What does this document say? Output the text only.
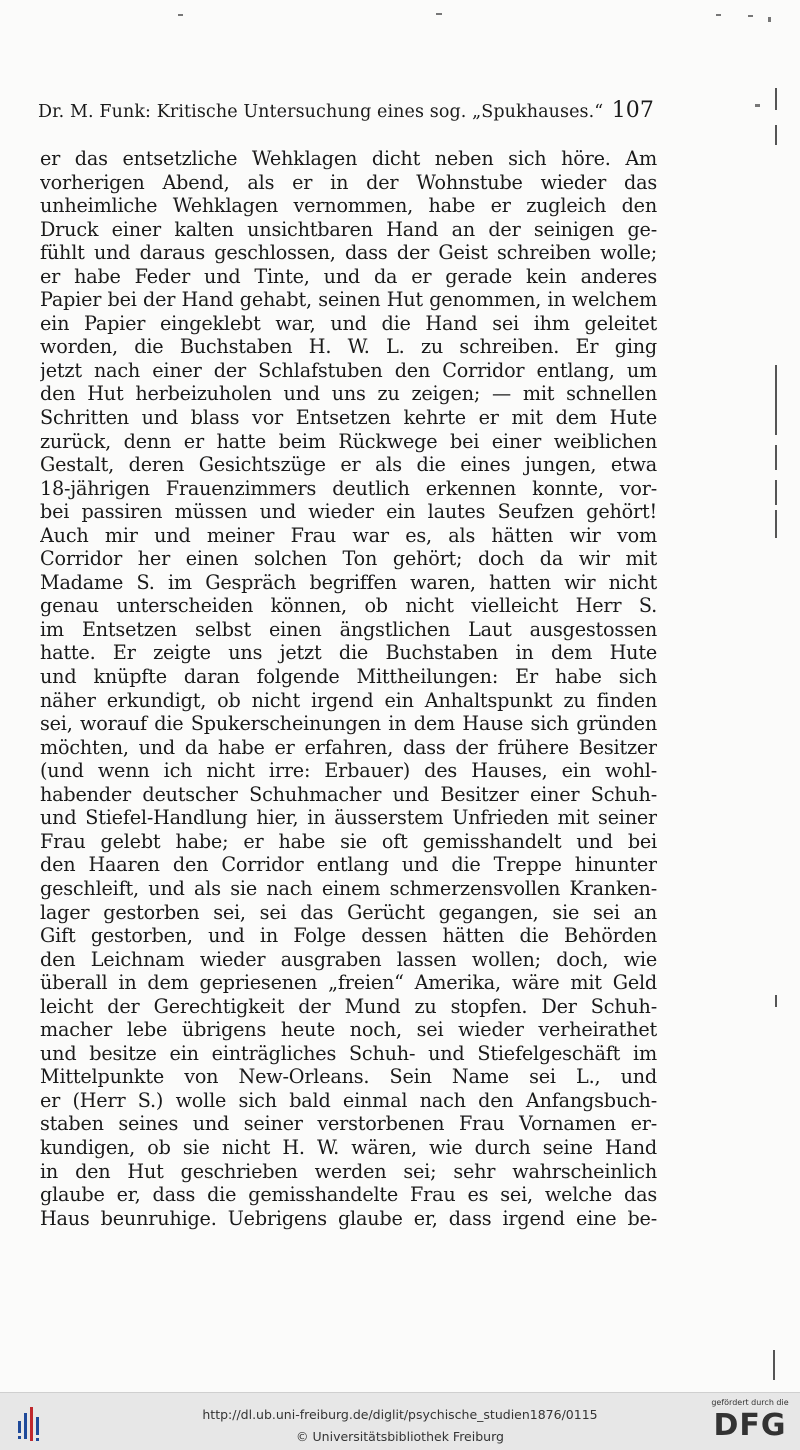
Dr. M. Funk: Kritische Untersuchung eines sog. „Spukhauses.“ 107
er das entsetzliche Wehklagen dicht neben sich höre. Am
vorherigen Abend, als er in der Wohnstube wieder das
unheimliche Wehklagen vernommen, habe er zugleich den
Druck einer kalten unsichtbaren Hand an der seinigen ge-
fühlt und daraus geschlossen, dass der Geist schreiben wolle;
er habe Feder und Tinte, und da er gerade kein anderes
Papier bei der Hand gehabt, seinen Hut genommen, in welchem
ein Papier eingeklebt war, und die Hand sei ihm geleitet
worden, die Buchstaben H. W. L. zu schreiben. Er ging
jetzt nach einer der Schlafstuben den Corridor entlang, um
den Hut herbeizuholen und uns zu zeigen; — mit schnellen
Schritten und blass vor Entsetzen kehrte er mit dem Hute
zurück, denn er hatte beim Rückwege bei einer weiblichen
Gestalt, deren Gesichtszüge er als die eines jungen, etwa
18-jährigen Frauenzimmers deutlich erkennen konnte, vor-
bei passiren müssen und wieder ein lautes Seufzen gehört!
Auch mir und meiner Frau war es, als hätten wir vom
Corridor her einen solchen Ton gehört; doch da wir mit
Madame S. im Gespräch begriffen waren, hatten wir nicht
genau unterscheiden können, ob nicht vielleicht Herr S.
im Entsetzen selbst einen ängstlichen Laut ausgestossen
hatte. Er zeigte uns jetzt die Buchstaben in dem Hute
und knüpfte daran folgende Mittheilungen: Er habe sich
näher erkundigt, ob nicht irgend ein Anhaltspunkt zu finden
sei, worauf die Spukerscheinungen in dem Hause sich gründen
möchten, und da habe er erfahren, dass der frühere Besitzer
(und wenn ich nicht irre: Erbauer) des Hauses, ein wohl-
habender deutscher Schuhmacher und Besitzer einer Schuh-
und Stiefel-Handlung hier, in äusserstem Unfrieden mit seiner
Frau gelebt habe; er habe sie oft gemisshandelt und bei
den Haaren den Corridor entlang und die Treppe hinunter
geschleift, und als sie nach einem schmerzensvollen Kranken-
lager gestorben sei, sei das Gerücht gegangen, sie sei an
Gift gestorben, und in Folge dessen hätten die Behörden
den Leichnam wieder ausgraben lassen wollen; doch, wie
überall in dem gepriesenen „freien“ Amerika, wäre mit Geld
leicht der Gerechtigkeit der Mund zu stopfen. Der Schuh-
macher lebe übrigens heute noch, sei wieder verheirathet
und besitze ein einträgliches Schuh- und Stiefelgeschäft im
Mittelpunkte von New-Orleans. Sein Name sei L., und
er (Herr S.) wolle sich bald einmal nach den Anfangsbuch-
staben seines und seiner verstorbenen Frau Vornamen er-
kundigen, ob sie nicht H. W. wären, wie durch seine Hand
in den Hut geschrieben werden sei; sehr wahrscheinlich
glaube er, dass die gemisshandelte Frau es sei, welche das
Haus beunruhige. Uebrigens glaube er, dass irgend eine be-
http://dl.ub.uni-freiburg.de/diglit/psychische_studien1876/0115
© Universitätsbibliothek Freiburg
gefördert durch die
DFG
